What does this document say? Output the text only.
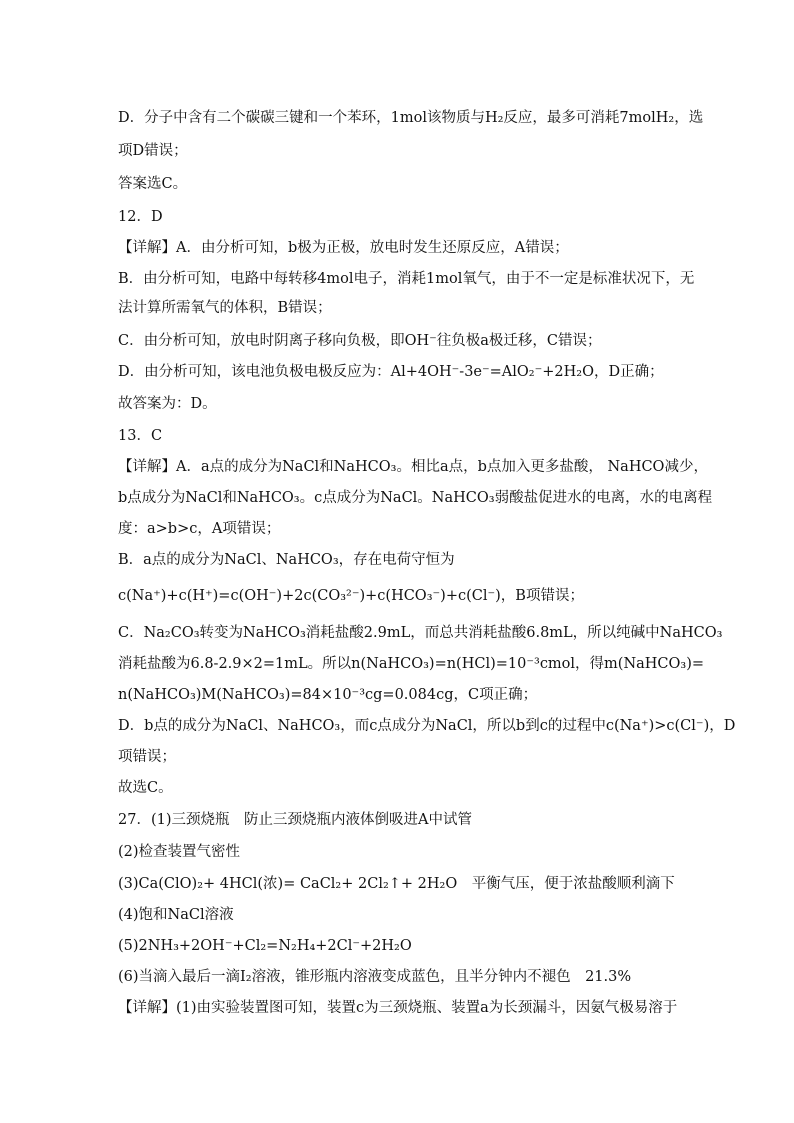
D．分子中含有二个碳碳三键和一个苯环，1mol该物质与H₂反应，最多可消耗7molH₂，选
项D错误；
答案选C。
12．D
【详解】A．由分析可知，b极为正极，放电时发生还原反应，A错误；
B．由分析可知，电路中每转移4mol电子，消耗1mol氧气，由于不一定是标准状况下，无
法计算所需氧气的体积，B错误；
C．由分析可知，放电时阴离子移向负极，即OH⁻往负极a极迁移，C错误；
D．由分析可知，该电池负极电极反应为：Al+4OH⁻-3e⁻=AlO₂⁻+2H₂O，D正确；
故答案为：D。
13．C
【详解】A．a点的成分为NaCl和NaHCO₃。相比a点，b点加入更多盐酸， NaHCO减少，
b点成分为NaCl和NaHCO₃。c点成分为NaCl。NaHCO₃弱酸盐促进水的电离，水的电离程
度：a>b>c，A项错误；
B．a点的成分为NaCl、NaHCO₃，存在电荷守恒为
c(Na⁺)+c(H⁺)=c(OH⁻)+2c(CO₃²⁻)+c(HCO₃⁻)+c(Cl⁻)，B项错误；
C．Na₂CO₃转变为NaHCO₃消耗盐酸2.9mL，而总共消耗盐酸6.8mL，所以纯碱中NaHCO₃
消耗盐酸为6.8-2.9×2=1mL。所以n(NaHCO₃)=n(HCl)=10⁻³cmol，得m(NaHCO₃)=
n(NaHCO₃)M(NaHCO₃)=84×10⁻³cg=0.084cg，C项正确；
D．b点的成分为NaCl、NaHCO₃，而c点成分为NaCl，所以b到c的过程中c(Na⁺)>c(Cl⁻)，D
项错误；
故选C。
27．(1)三颈烧瓶　防止三颈烧瓶内液体倒吸进A中试管
(2)检查装置气密性
(3)Ca(ClO)₂+ 4HCl(浓)= CaCl₂+ 2Cl₂↑+ 2H₂O　平衡气压，便于浓盐酸顺利滴下
(4)饱和NaCl溶液
(5)2NH₃+2OH⁻+Cl₂=N₂H₄+2Cl⁻+2H₂O
(6)当滴入最后一滴I₂溶液，锥形瓶内溶液变成蓝色，且半分钟内不褪色　21.3%
【详解】(1)由实验装置图可知，装置c为三颈烧瓶、装置a为长颈漏斗，因氨气极易溶于
